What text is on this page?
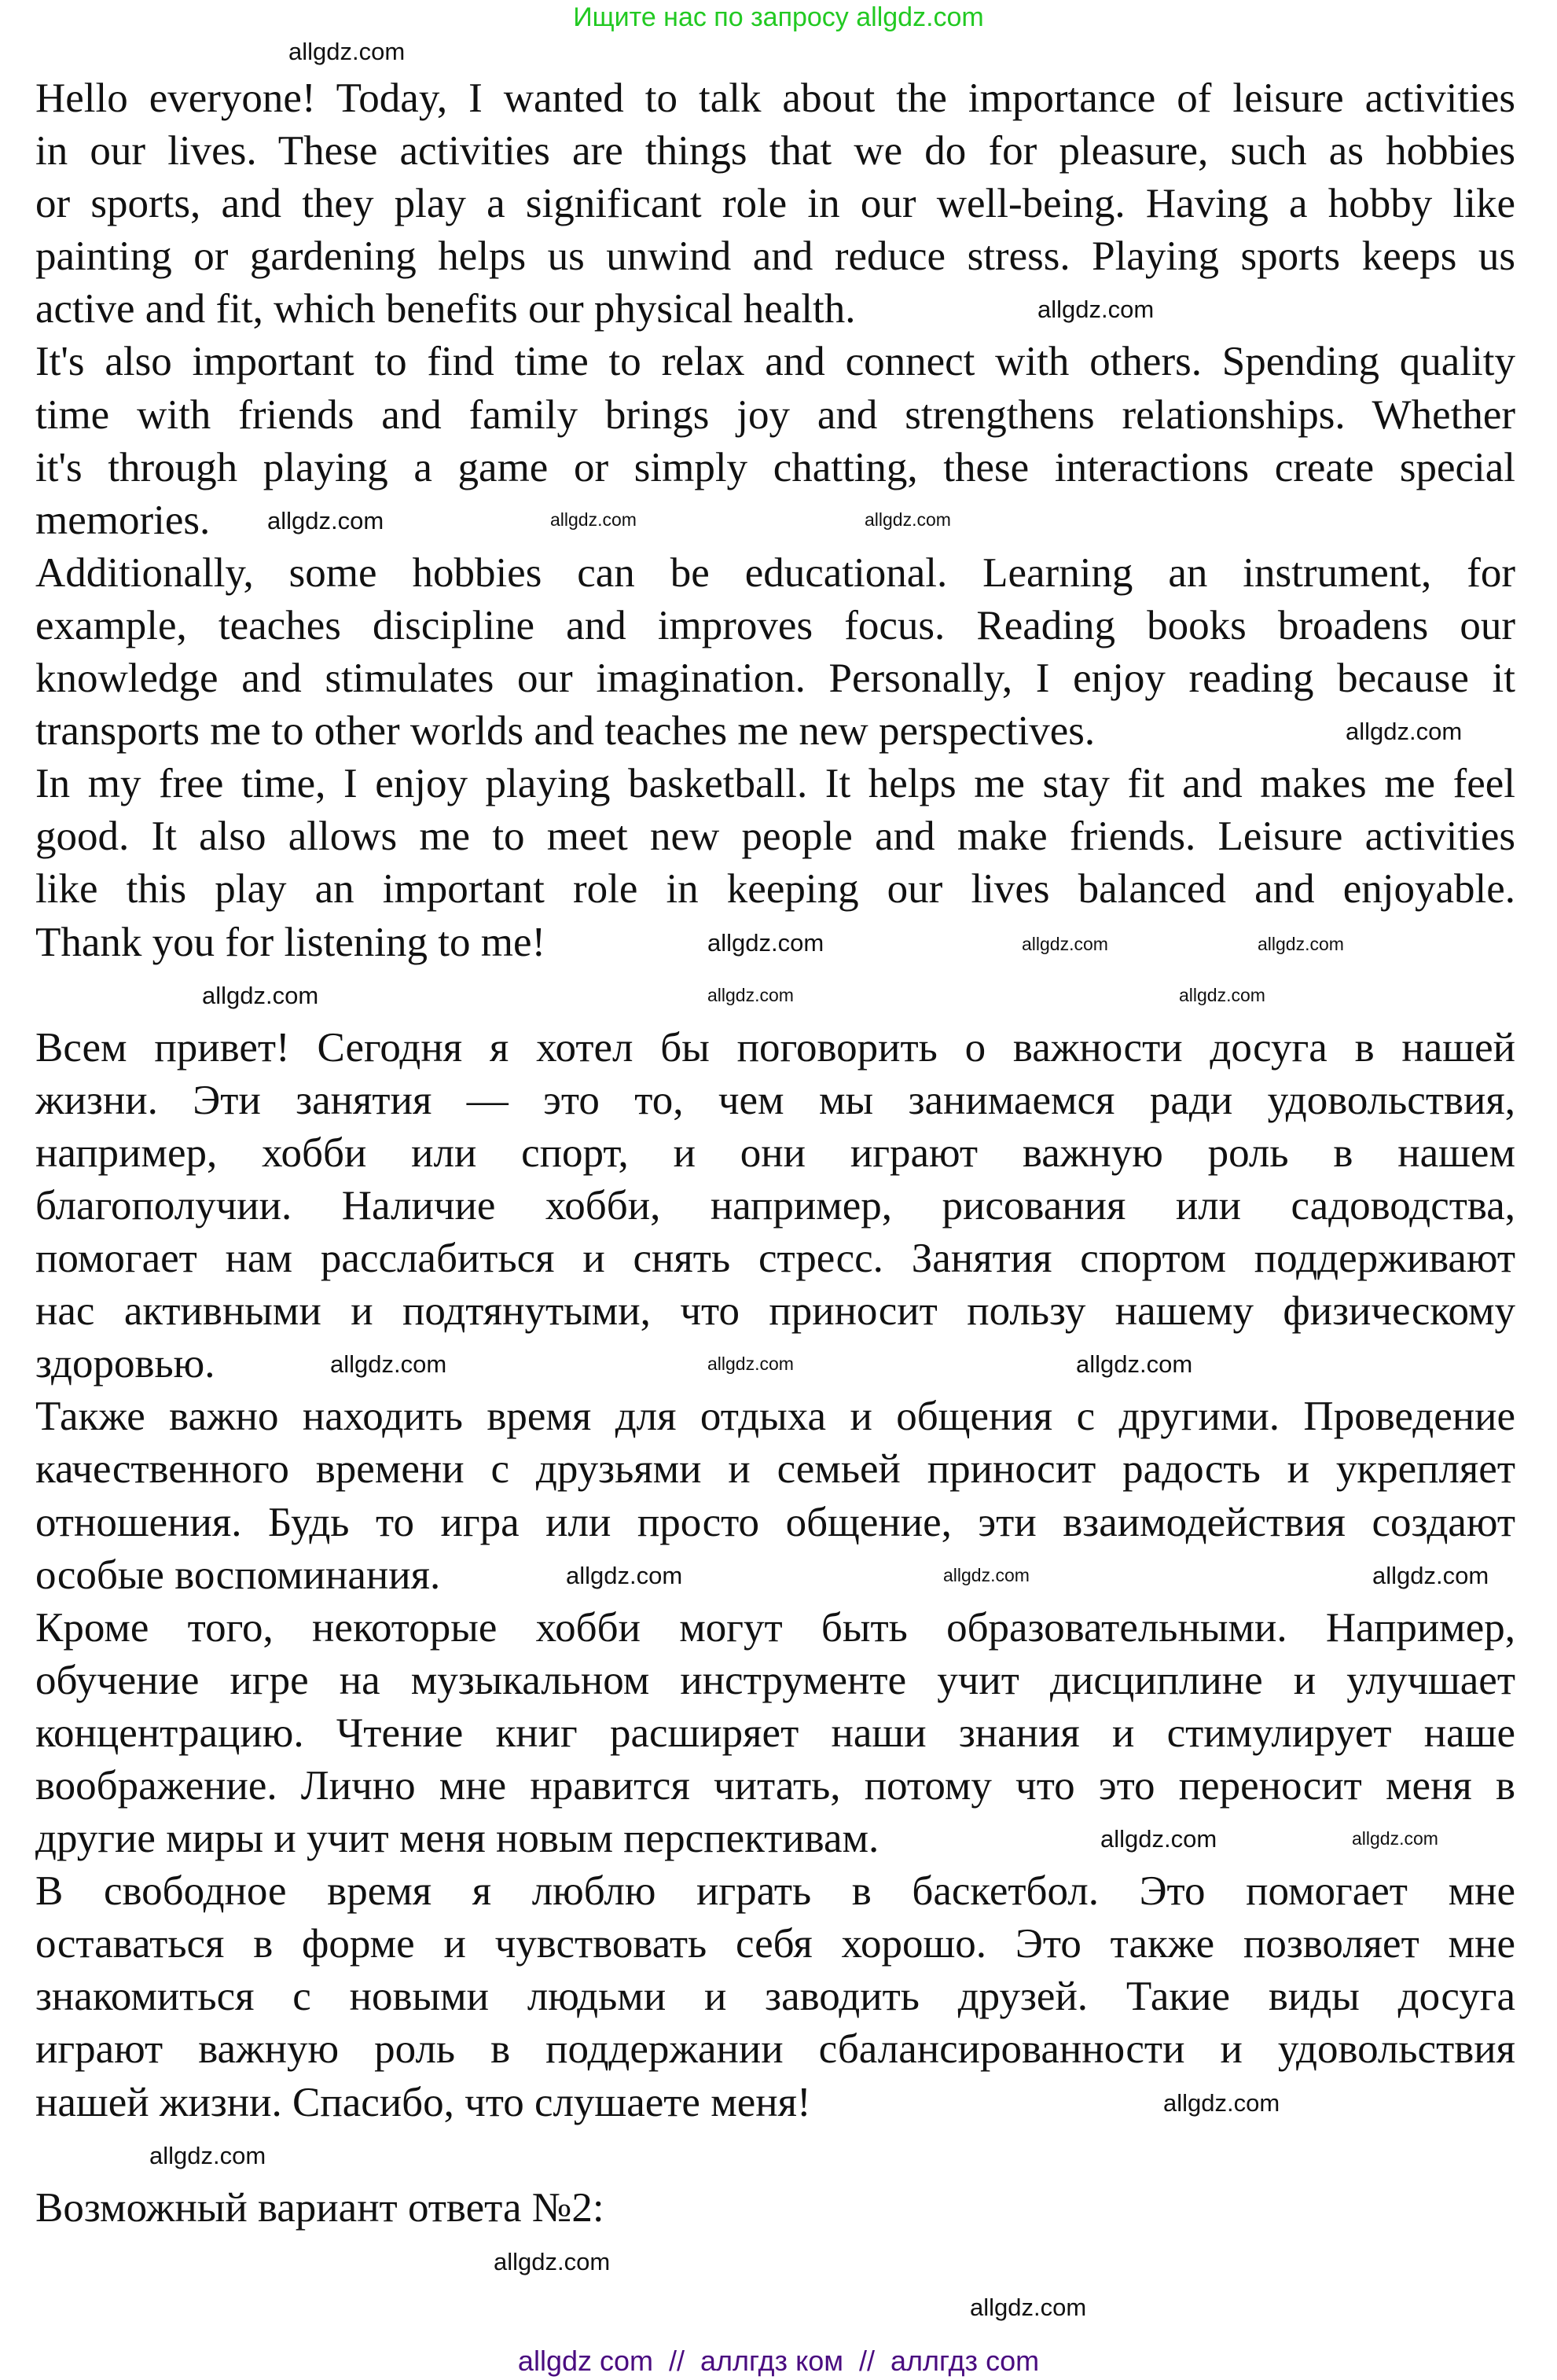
Ищите нас по запросу allgdz.com
Hello everyone! Today, I wanted to talk about the importance of leisure activities
in our lives. These activities are things that we do for pleasure, such as hobbies
or sports, and they play a significant role in our well-being. Having a hobby like
painting or gardening helps us unwind and reduce stress. Playing sports keeps us
active and fit, which benefits our physical health.
It's also important to find time to relax and connect with others. Spending quality
time with friends and family brings joy and strengthens relationships. Whether
it's through playing a game or simply chatting, these interactions create special
memories.
Additionally, some hobbies can be educational. Learning an instrument, for
example, teaches discipline and improves focus. Reading books broadens our
knowledge and stimulates our imagination. Personally, I enjoy reading because it
transports me to other worlds and teaches me new perspectives.
In my free time, I enjoy playing basketball. It helps me stay fit and makes me feel
good. It also allows me to meet new people and make friends. Leisure activities
like this play an important role in keeping our lives balanced and enjoyable.
Thank you for listening to me!
Всем привет! Сегодня я хотел бы поговорить о важности досуга в нашей
жизни. Эти занятия — это то, чем мы занимаемся ради удовольствия,
например, хобби или спорт, и они играют важную роль в нашем
благополучии. Наличие хобби, например, рисования или садоводства,
помогает нам расслабиться и снять стресс. Занятия спортом поддерживают
нас активными и подтянутыми, что приносит пользу нашему физическому
здоровью.
Также важно находить время для отдыха и общения с другими. Проведение
качественного времени с друзьями и семьей приносит радость и укрепляет
отношения. Будь то игра или просто общение, эти взаимодействия создают
особые воспоминания.
Кроме того, некоторые хобби могут быть образовательными. Например,
обучение игре на музыкальном инструменте учит дисциплине и улучшает
концентрацию. Чтение книг расширяет наши знания и стимулирует наше
воображение. Лично мне нравится читать, потому что это переносит меня в
другие миры и учит меня новым перспективам.
В свободное время я люблю играть в баскетбол. Это помогает мне
оставаться в форме и чувствовать себя хорошо. Это также позволяет мне
знакомиться с новыми людьми и заводить друзей. Такие виды досуга
играют важную роль в поддержании сбалансированности и удовольствия
нашей жизни. Спасибо, что слушаете меня!
Возможный вариант ответа №2:
allgdz.com
allgdz.com	allgdz.com
allgdz.com
allgdz.com
allgdz.com	allgdz.com
allgdz.com
allgdz.com
allgdz.com	allgdz.com	allgdz.com
allgdz.com	allgdz.com
allgdz.com
allgdz.com	allgdz.com
allgdz.com
allgdz.com	allgdz.com
allgdz.com
allgdz.com
allgdz.com
allgdz.com
allgdz com  //  аллгдз ком  //  аллгдз com
